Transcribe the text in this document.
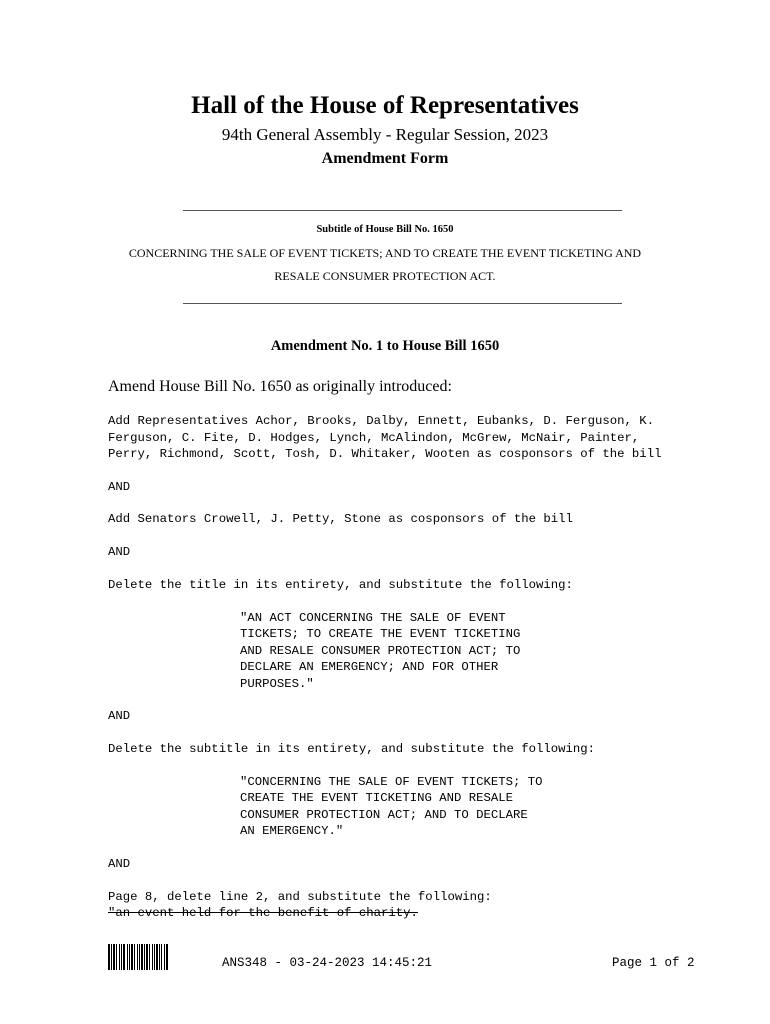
Hall of the House of Representatives
94th General Assembly - Regular Session, 2023
Amendment Form
Subtitle of House Bill No. 1650
CONCERNING THE SALE OF EVENT TICKETS; AND TO CREATE THE EVENT TICKETING AND
RESALE CONSUMER PROTECTION ACT.
Amendment No. 1 to House Bill 1650
Amend House Bill No. 1650 as originally introduced:
Add Representatives Achor, Brooks, Dalby, Ennett, Eubanks, D. Ferguson, K.
Ferguson, C. Fite, D. Hodges, Lynch, McAlindon, McGrew, McNair, Painter,
Perry, Richmond, Scott, Tosh, D. Whitaker, Wooten as cosponsors of the bill
AND
Add Senators Crowell, J. Petty, Stone as cosponsors of the bill
AND
Delete the title in its entirety, and substitute the following:
"AN ACT CONCERNING THE SALE OF EVENT
TICKETS; TO CREATE THE EVENT TICKETING
AND RESALE CONSUMER PROTECTION ACT; TO
DECLARE AN EMERGENCY; AND FOR OTHER
PURPOSES."
AND
Delete the subtitle in its entirety, and substitute the following:
"CONCERNING THE SALE OF EVENT TICKETS; TO
CREATE THE EVENT TICKETING AND RESALE
CONSUMER PROTECTION ACT; AND TO DECLARE
AN EMERGENCY."
AND
Page 8, delete line 2, and substitute the following:
"an event held for the benefit of charity.
ANS348 - 03-24-2023 14:45:21	Page 1 of 2
